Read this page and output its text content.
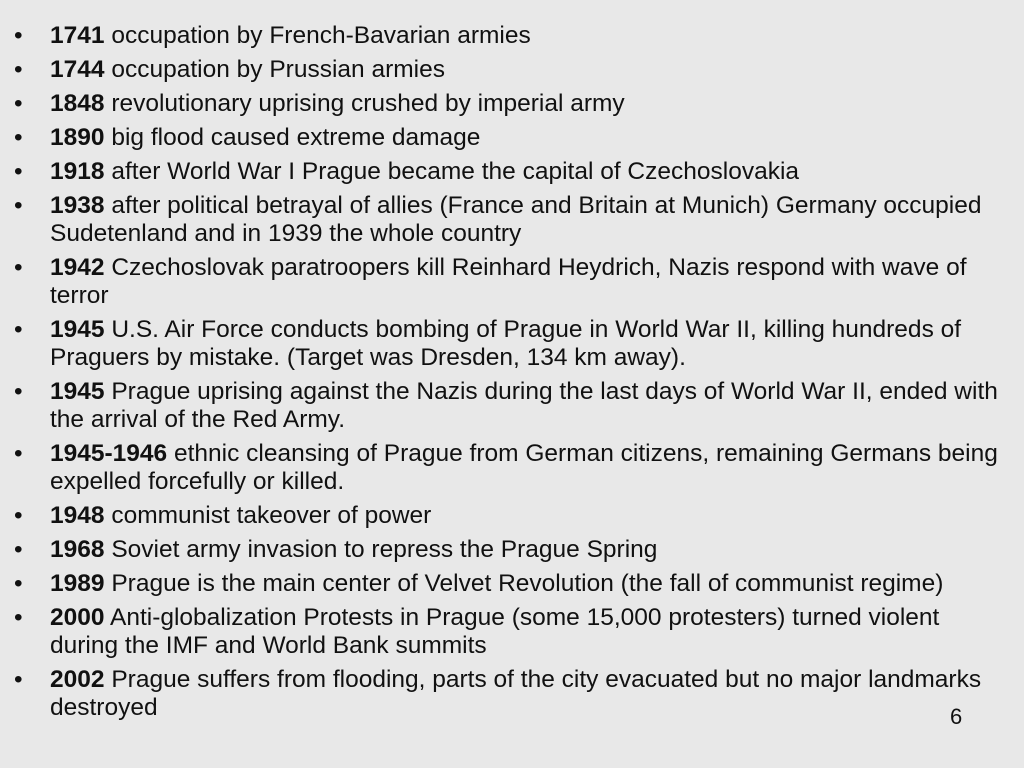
•	1741 occupation by French-Bavarian armies
•	1744 occupation by Prussian armies
•	1848 revolutionary uprising crushed by imperial army
•	1890 big flood caused extreme damage
•	1918 after World War I Prague became the capital of Czechoslovakia
•	1938 after political betrayal of allies (France and Britain at Munich) Germany occupied Sudetenland and in 1939 the whole country
•	1942 Czechoslovak paratroopers kill Reinhard Heydrich, Nazis respond with wave of terror
•	1945 U.S. Air Force conducts bombing of Prague in World War II, killing hundreds of Praguers by mistake. (Target was Dresden, 134 km away).
•	1945 Prague uprising against the Nazis during the last days of World War II, ended with the arrival of the Red Army.
•	1945-1946 ethnic cleansing of Prague from German citizens, remaining Germans being expelled forcefully or killed.
•	1948 communist takeover of power
•	1968 Soviet army invasion to repress the Prague Spring
•	1989 Prague is the main center of Velvet Revolution (the fall of communist regime)
•	2000 Anti-globalization Protests in Prague (some 15,000 protesters) turned violent during the IMF and World Bank summits
•	2002 Prague suffers from flooding, parts of the city evacuated but no major landmarks destroyed	6
